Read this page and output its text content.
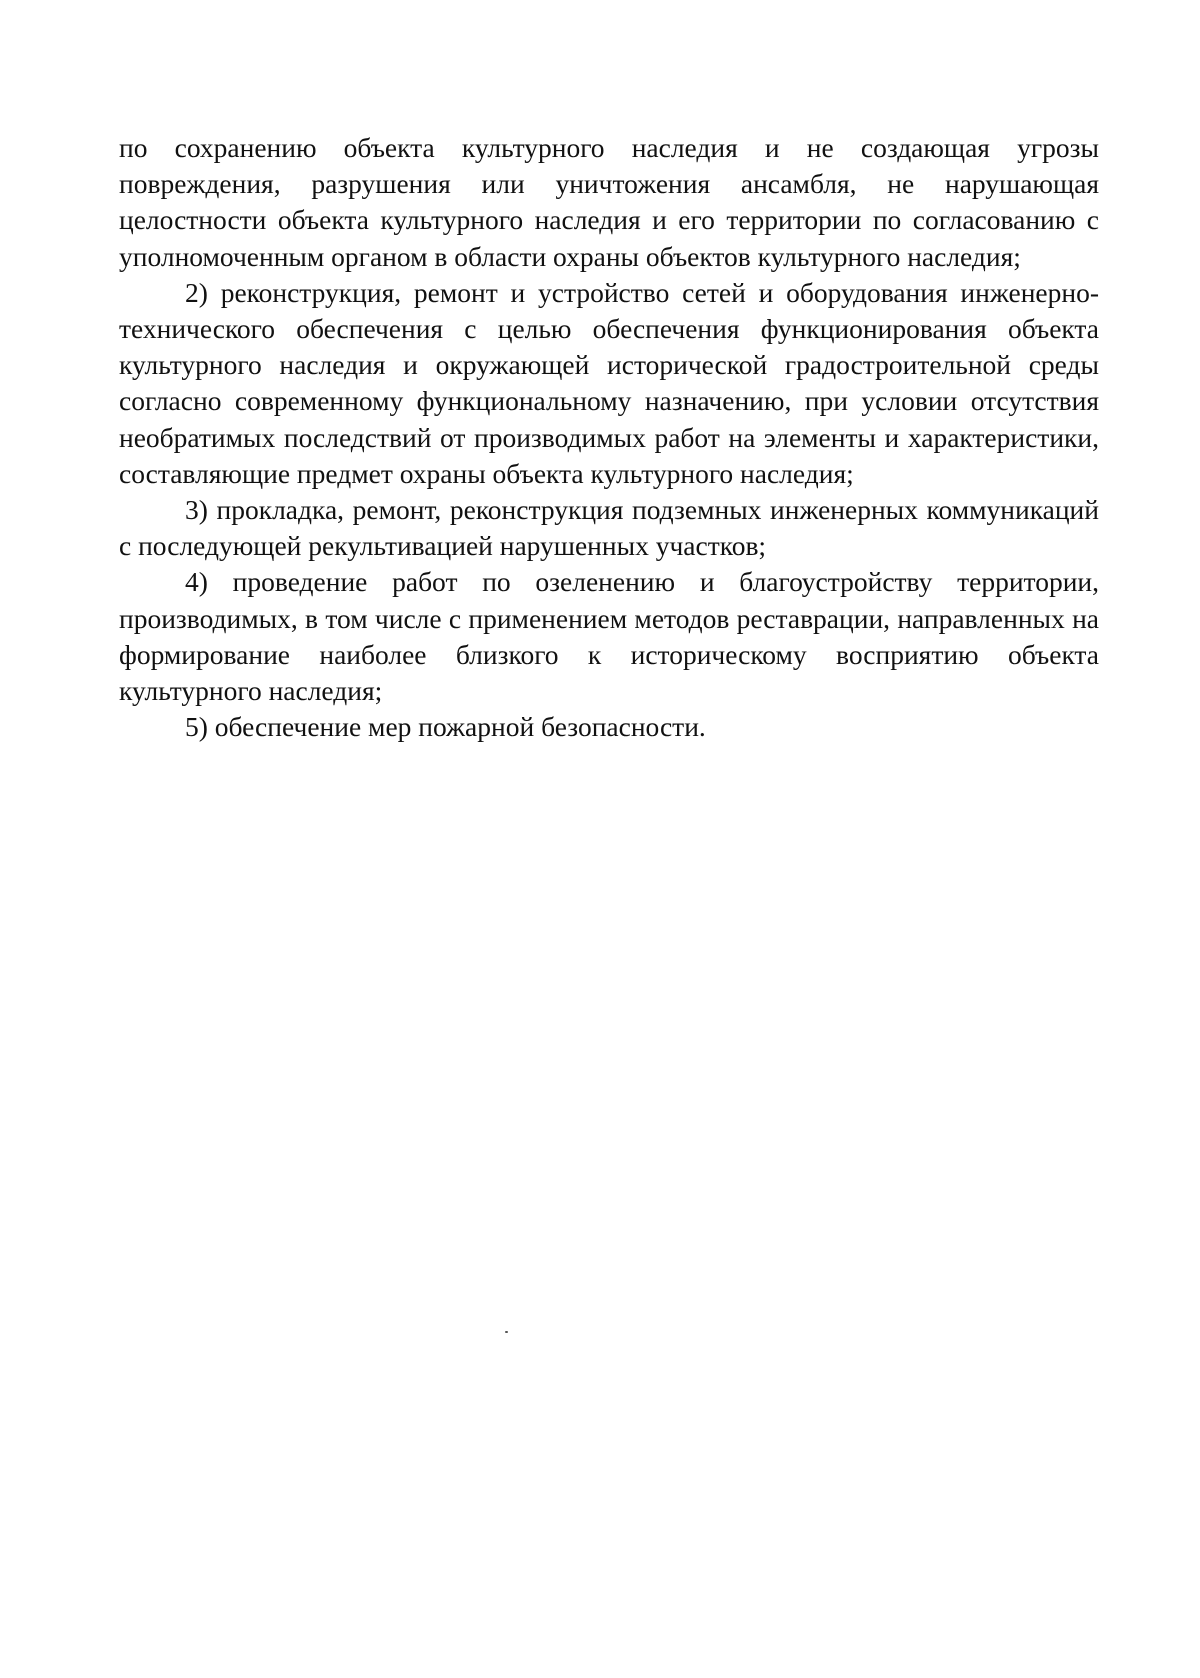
по сохранению объекта культурного наследия и не создающая угрозы повреждения, разрушения или уничтожения ансамбля, не нарушающая целостности объекта культурного наследия и его территории по согласованию с уполномоченным органом в области охраны объектов культурного наследия;

2) реконструкция, ремонт и устройство сетей и оборудования инженерно-технического обеспечения с целью обеспечения функционирования объекта культурного наследия и окружающей исторической градостроительной среды согласно современному функциональному назначению, при условии отсутствия необратимых последствий от производимых работ на элементы и характеристики, составляющие предмет охраны объекта культурного наследия;

3) прокладка, ремонт, реконструкция подземных инженерных коммуникаций с последующей рекультивацией нарушенных участков;

4) проведение работ по озеленению и благоустройству территории, производимых, в том числе с применением методов реставрации, направленных на формирование наиболее близкого к историческому восприятию объекта культурного наследия;

5) обеспечение мер пожарной безопасности.
